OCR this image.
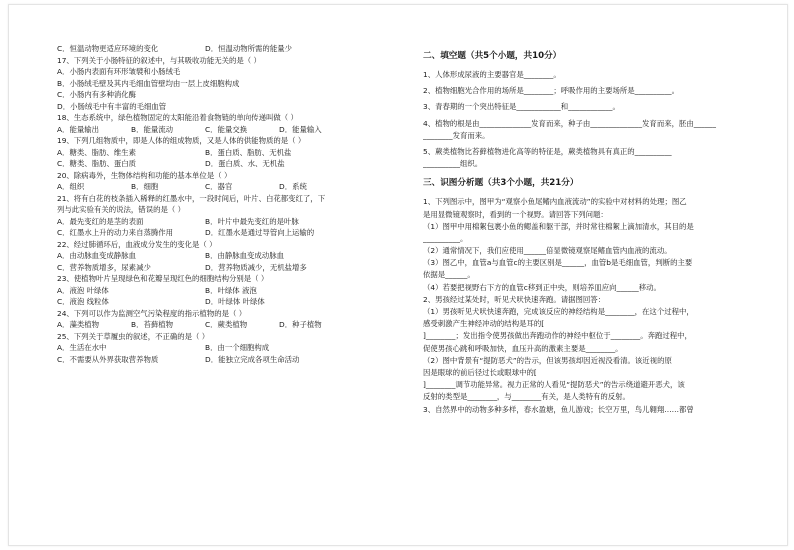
C．恒温动物更适应环境的变化	D．恒温动物所需的能量少
17、下列关于小肠特征的叙述中，与其吸收功能无关的是（ ）
A．小肠内表面有环形皱襞和小肠绒毛
B．小肠绒毛壁及其内毛细血管壁均由一层上皮细胞构成
C．小肠内有多种消化酶
D．小肠绒毛中有丰富的毛细血管
18、生态系统中，绿色植物固定的太阳能沿着食物链的单向传递叫做（ ）
A．能量输出	B．能量流动	C．能量交换	D．能量输入
19、下列几组物质中，即是人体的组成物质，又是人体的供能物质的是（ ）
A．糖类、脂肪、维生素	B．蛋白质、脂肪、无机盐
C．糖类、脂肪、蛋白质	D．蛋白质、水、无机盐
20、除病毒外，生物体结构和功能的基本单位是（ ）
A．组织	B．细胞	C．器官	D．系统
21、将有白花的枝条插入稀释的红墨水中，一段时间后，叶片、白花都变红了，下
列与此实验有关的说法，错误的是（ ）
A．最先变红的是茎的表面	B．叶片中最先变红的是叶脉
C．红墨水上升的动力来自蒸腾作用	D．红墨水是通过导管向上运输的
22、经过肺循环后，血液成分发生的变化是（ ）
A．由动脉血变成静脉血	B．由静脉血变成动脉血
C．营养物质增多，尿素减少	D．营养物质减少，无机盐增多
23、使植物叶片呈现绿色和花瓣呈现红色的细胞结构分别是（ ）
A．液泡 叶绿体	B．叶绿体 液泡
C．液泡 线粒体	D．叶绿体 叶绿体
24、下列可以作为监测空气污染程度的指示植物的是（ ）
A．藻类植物	B．苔藓植物	C．蕨类植物	D．种子植物
25、下列关于草履虫的叙述，不正确的是（ ）
A．生活在水中	B．由一个细胞构成
C．不需要从外界获取营养物质	D．能独立完成各项生命活动
二、填空题（共5个小题，共10分）
1、人体形成尿液的主要器官是________。
2、植物细胞光合作用的场所是________；呼吸作用的主要场所是__________。
3、青春期的一个突出特征是____________和____________。
4、植物的根是由______________发育而来，种子由______________发育而来，胚由______
________发育而来。
5、蕨类植物比苔藓植物进化高等的特征是，蕨类植物具有真正的__________
__________组织。
三、识图分析题（共3个小题，共21分）
1、下列图示中，图甲为“观察小鱼尾鳍内血液流动”的实验中对材料的处理；图乙
是用显微镜观察时，看到的一个视野。请回答下列问题：
（1）图甲中用棉絮包裹小鱼的鳃盖和躯干部，并时常往棉絮上滴加清水，其目的是
__________。
（2）通常情况下，我们应使用______倍显微镜观察尾鳍血管内血液的流动。
（3）图乙中，血管a与血管c的主要区别是______，血管b是毛细血管，判断的主要
依据是______。
（4）若要把视野右下方的血管c移到正中央，则培养皿应向______移动。
2、男孩经过某处时，听见犬吠快速奔跑。请据图回答：
（1）男孩听见犬吠快速奔跑，完成该反应的神经结构是________，在这个过程中，
感受刺激产生神经冲动的结构是耳的[
]________；发出指令使男孩做出奔跑动作的神经中枢位于________。奔跑过程中，
促使男孩心跳和呼吸加快，血压升高的激素主要是________。
（2）图中背景有“提防恶犬”的告示，但该男孩却因近视没看清。该近视的原
因是眼球的前后径过长或眼球中的[
]________调节功能异常。视力正常的人看见“提防恶犬”的告示绕道避开恶犬，该
反射的类型是________，与________有关，是人类特有的反射。
3、自然界中的动物多种多样，春水盈塘，鱼儿游戏；长空万里，鸟儿翱翔……都曾
